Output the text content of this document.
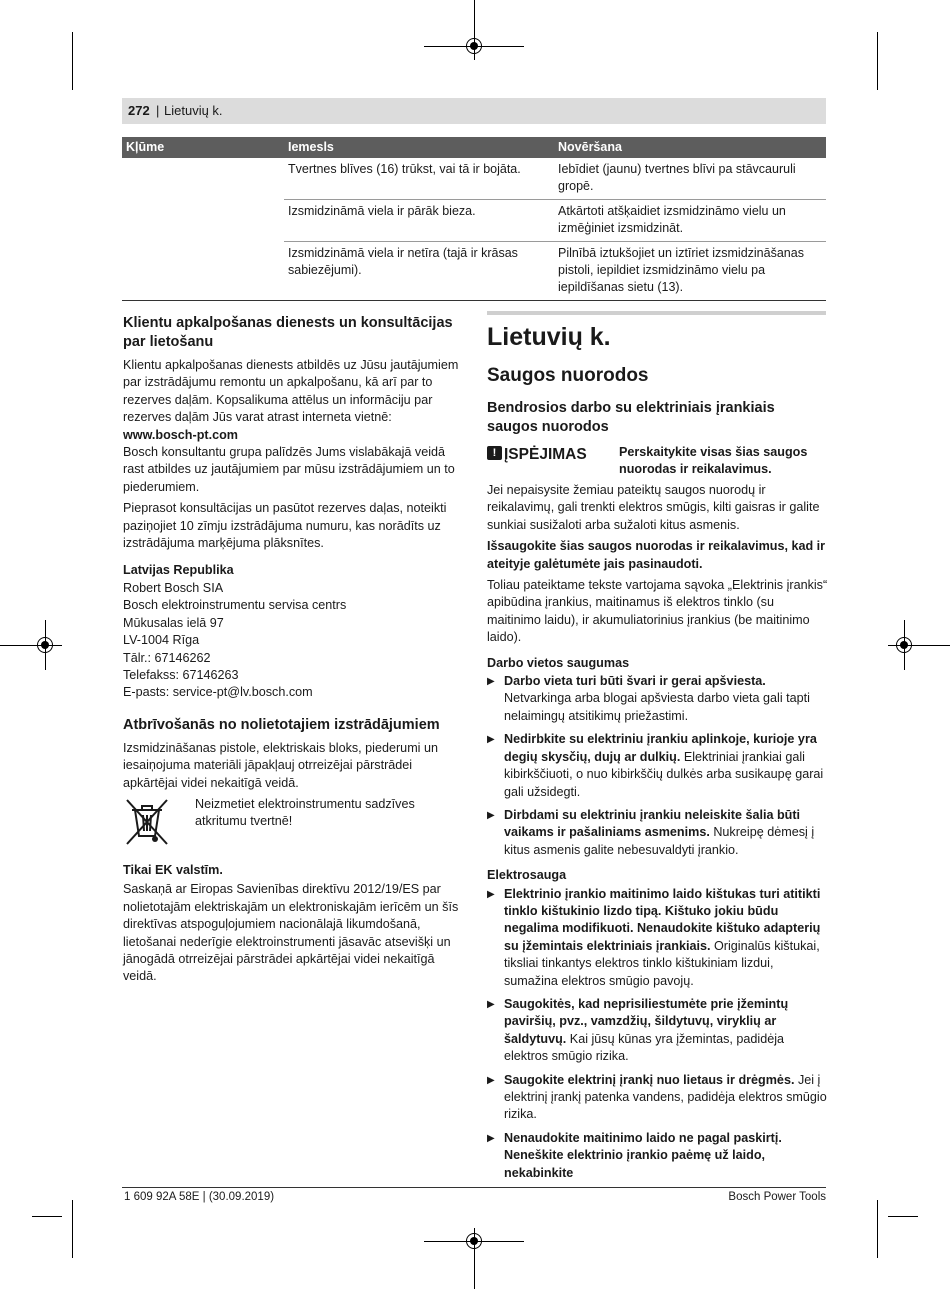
272 | Lietuvių k.
Kļūme	Iemesls	Novēršana
	Tvertnes blīves (16) trūkst, vai tā ir bojāta.	Iebīdiet (jaunu) tvertnes blīvi pa stāvcauruli gropē.
	Izsmidzināmā viela ir pārāk bieza.	Atkārtoti atšķaidiet izsmidzināmo vielu un izmēģiniet izsmidzināt.
	Izsmidzināmā viela ir netīra (tajā ir krāsas sabiezējumi).	Pilnībā iztukšojiet un iztīriet izsmidzināšanas pistoli, iepildiet izsmidzināmo vielu pa iepildīšanas sietu (13).
Klientu apkalpošanas dienests un konsultācijas par lietošanu

Klientu apkalpošanas dienests atbildēs uz Jūsu jautājumiem par izstrādājumu remontu un apkalpošanu, kā arī par to rezerves daļām. Kopsalikuma attēlus un informāciju par rezerves daļām Jūs varat atrast interneta vietnē:

www.bosch-pt.com

Bosch konsultantu grupa palīdzēs Jums vislabākajā veidā rast atbildes uz jautājumiem par mūsu izstrādājumiem un to piederumiem.

Pieprasot konsultācijas un pasūtot rezerves daļas, noteikti paziņojiet 10 zīmju izstrādājuma numuru, kas norādīts uz izstrādājuma marķējuma plāksnītes.

Latvijas Republika

Robert Bosch SIA
Bosch elektroinstrumentu servisa centrs
Mūkusalas ielā 97
LV-1004 Rīga
Tālr.: 67146262
Telefakss: 67146263
E-pasts: service-pt@lv.bosch.com
Atbrīvošanās no nolietotajiem izstrādājumiem

Izsmidzināšanas pistole, elektriskais bloks, piederumi un iesaiņojuma materiāli jāpakļauj otrreizējai pārstrādei apkārtējai videi nekaitīgā veidā.

Neizmetiet elektroinstrumentu sadzīves atkritumu tvertnē!

Tikai EK valstīm.

Saskaņā ar Eiropas Savienības direktīvu 2012/19/ES par nolietotajām elektriskajām un elektroniskajām ierīcēm un šīs direktīvas atspoguļojumiem nacionālajā likumdošanā, lietošanai nederīgie elektroinstrumenti jāsavāc atsevišķi un jānogādā otrreizējai pārstrādei apkārtējai videi nekaitīgā veidā.

Lietuvių k.
Saugos nuorodos
Bendrosios darbo su elektriniais įrankiais saugos nuorodos
! ĮSPĖJIMAS	Perskaitykite visas šias saugos nuorodas ir reikalavimus.

Jei nepaisysite žemiau pateiktų saugos nuorodų ir reikalavimų, gali trenkti elektros smūgis, kilti gaisras ir galite sunkiai susižaloti arba sužaloti kitus asmenis.

Išsaugokite šias saugos nuorodas ir reikalavimus, kad ir ateityje galėtumėte jais pasinaudoti.

Toliau pateiktame tekste vartojama sąvoka „Elektrinis įrankis“ apibūdina įrankius, maitinamus iš elektros tinklo (su maitinimo laidu), ir akumuliatorinius įrankius (be maitinimo laido).

Darbo vietos saugumas

▶ Darbo vieta turi būti švari ir gerai apšviesta. Netvarkinga arba blogai apšviesta darbo vieta gali tapti nelaimingų atsitikimų priežastimi.
▶ Nedirbkite su elektriniu įrankiu aplinkoje, kurioje yra degių skysčių, dujų ar dulkių. Elektriniai įrankiai gali kibirkščiuoti, o nuo kibirkščių dulkės arba susikaupę garai gali užsidegti.
▶ Dirbdami su elektriniu įrankiu neleiskite šalia būti vaikams ir pašaliniams asmenims. Nukreipę dėmesį į kitus asmenis galite nebesuvaldyti įrankio.

Elektrosauga

▶ Elektrinio įrankio maitinimo laido kištukas turi atitikti tinklo kištukinio lizdo tipą. Kištuko jokiu būdu negalima modifikuoti. Nenaudokite kištuko adapterių su įžemintais elektriniais įrankiais. Originalūs kištukai, tiksliai tinkantys elektros tinklo kištukiniam lizdui, sumažina elektros smūgio pavojų.
▶ Saugokitės, kad neprisiliestumėte prie įžemintų paviršių, pvz., vamzdžių, šildytuvų, viryklių ar šaldytuvų. Kai jūsų kūnas yra įžemintas, padidėja elektros smūgio rizika.
▶ Saugokite elektrinį įrankį nuo lietaus ir drėgmės. Jei į elektrinį įrankį patenka vandens, padidėja elektros smūgio rizika.
▶ Nenaudokite maitinimo laido ne pagal paskirtį. Neneškite elektrinio įrankio paėmę už laido, nekabinkite
1 609 92A 58E | (30.09.2019)	Bosch Power Tools
